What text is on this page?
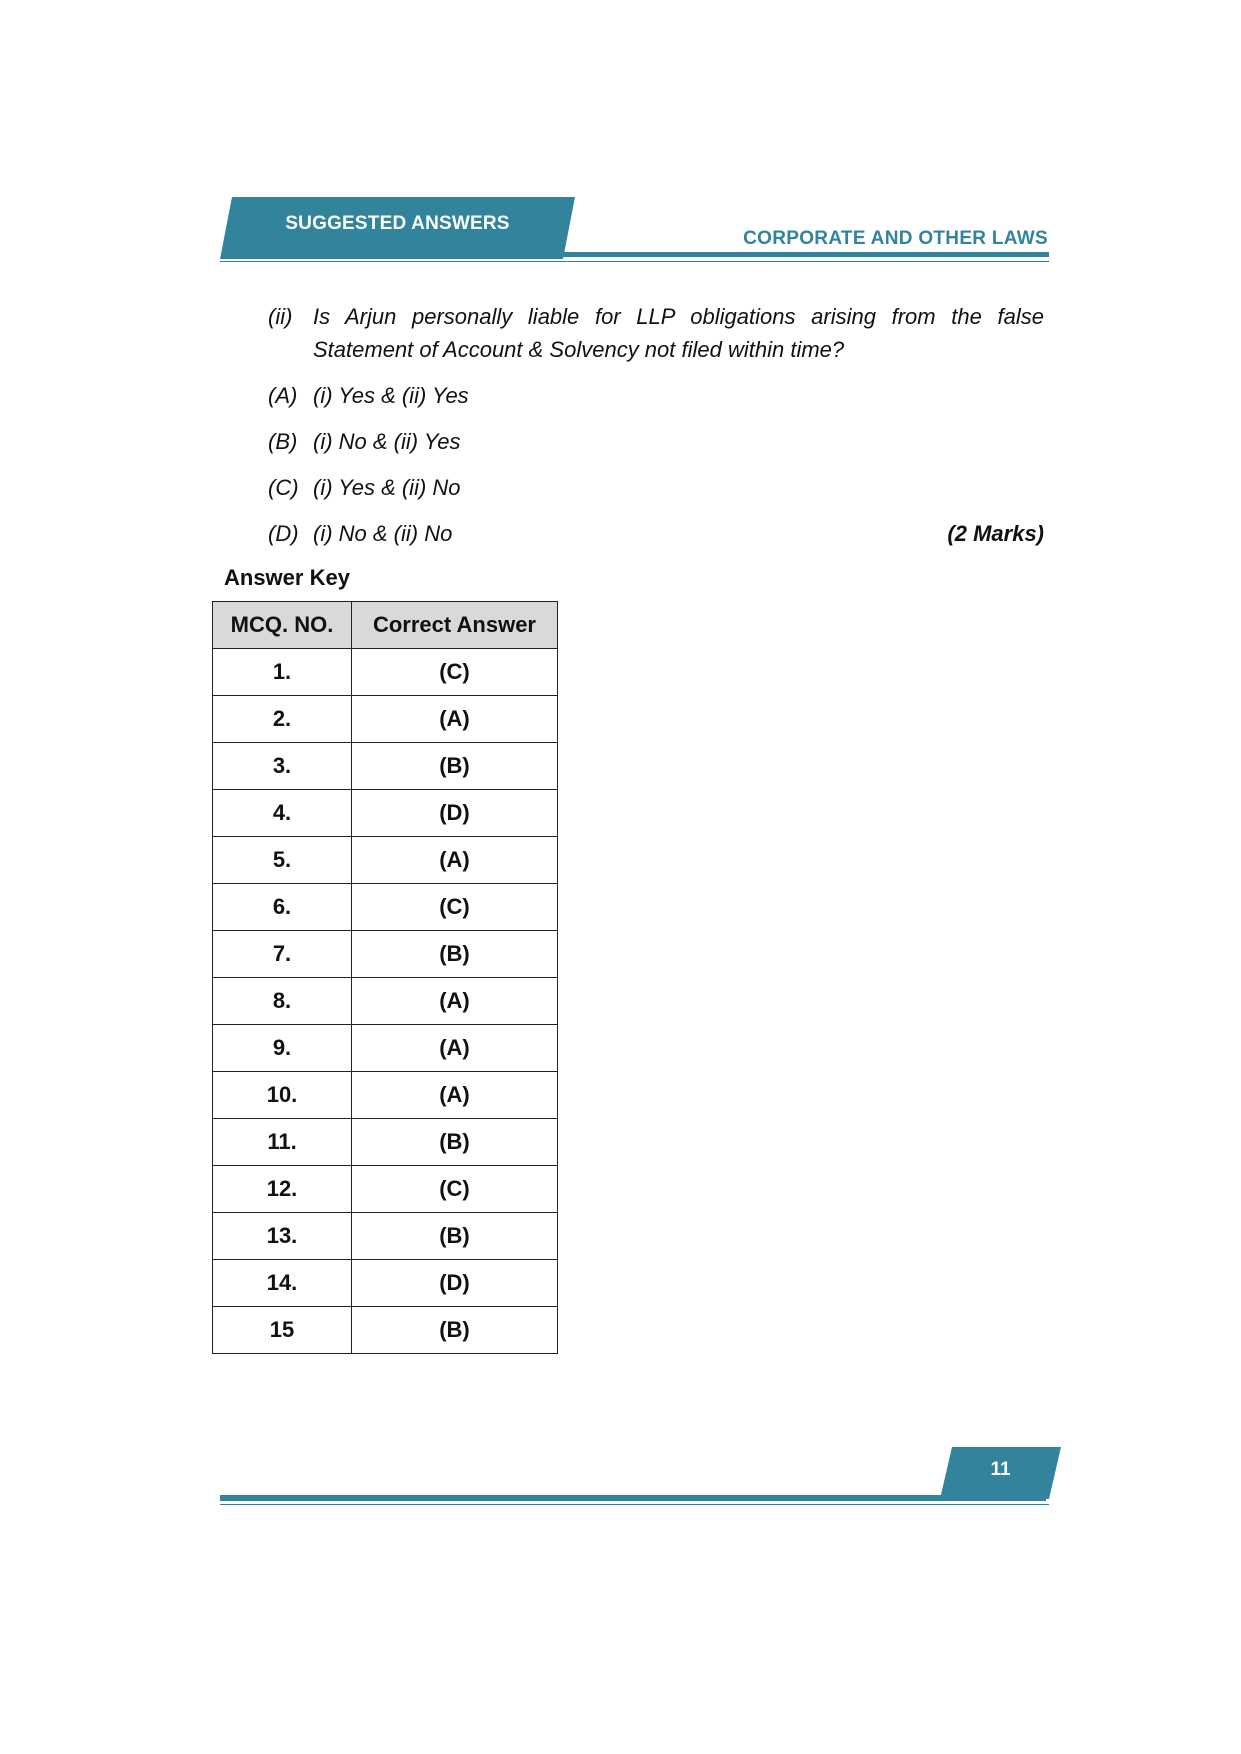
SUGGESTED ANSWERS
CORPORATE AND OTHER LAWS
(ii) Is Arjun personally liable for LLP obligations arising from the false
Statement of Account & Solvency not filed within time?
(A) (i) Yes & (ii) Yes
(B) (i) No & (ii) Yes
(C) (i) Yes & (ii) No
(D) (i) No & (ii) No	(2 Marks)
Answer Key
MCQ. NO.	Correct Answer
1.	(C)
2.	(A)
3.	(B)
4.	(D)
5.	(A)
6.	(C)
7.	(B)
8.	(A)
9.	(A)
10.	(A)
11.	(B)
12.	(C)
13.	(B)
14.	(D)
15	(B)
11
